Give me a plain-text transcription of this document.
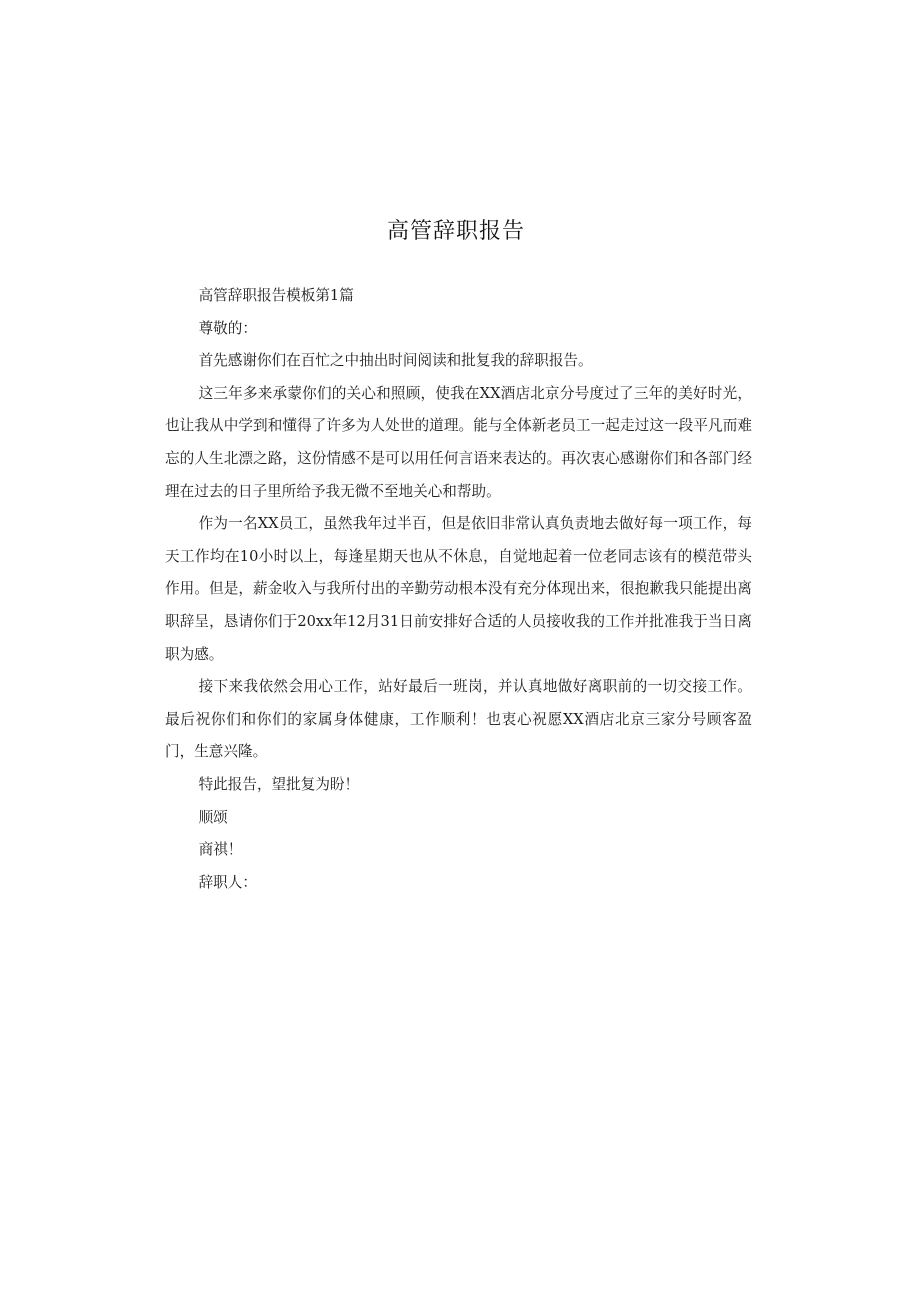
高管辞职报告

高管辞职报告模板第1篇

尊敬的：

首先感谢你们在百忙之中抽出时间阅读和批复我的辞职报告。

这三年多来承蒙你们的关心和照顾，使我在XX酒店北京分号度过了三年的美好时光，也让我从中学到和懂得了许多为人处世的道理。能与全体新老员工一起走过这一段平凡而难忘的人生北漂之路，这份情感不是可以用任何言语来表达的。再次衷心感谢你们和各部门经理在过去的日子里所给予我无微不至地关心和帮助。

作为一名XX员工，虽然我年过半百，但是依旧非常认真负责地去做好每一项工作，每天工作均在10小时以上，每逢星期天也从不休息，自觉地起着一位老同志该有的模范带头作用。但是，薪金收入与我所付出的辛勤劳动根本没有充分体现出来，很抱歉我只能提出离职辞呈，恳请你们于20xx年12月31日前安排好合适的人员接收我的工作并批准我于当日离职为感。

接下来我依然会用心工作，站好最后一班岗，并认真地做好离职前的一切交接工作。最后祝你们和你们的家属身体健康，工作顺利！也衷心祝愿XX酒店北京三家分号顾客盈门，生意兴隆。

特此报告，望批复为盼！

顺颂

商祺！

辞职人：
